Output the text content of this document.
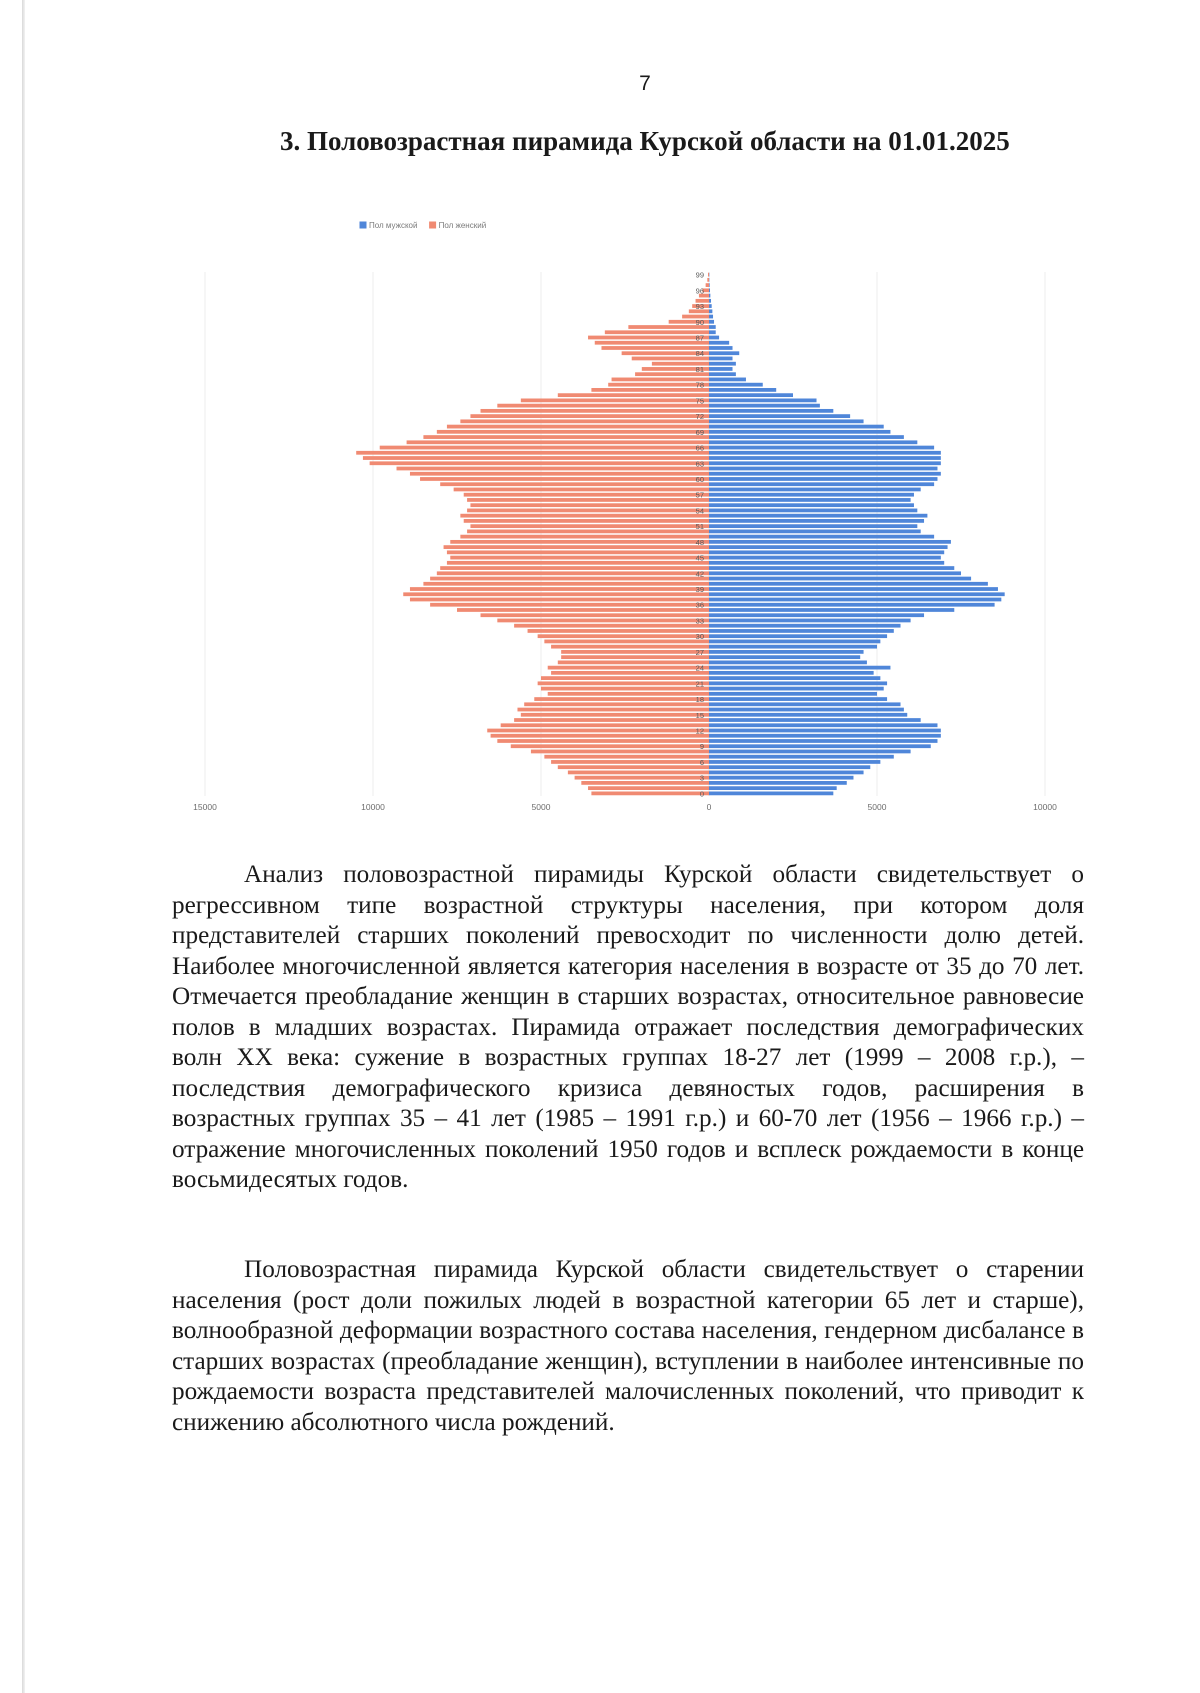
7
3. Половозрастная пирамида Курской области на 01.01.2025
15000	10000	5000	0	5000	10000
0
3
6
9
12
15
18
21
24
27
30
33
36
39
42
45
48
51
54
57
60
63
66
69
72
75
78
81
84
87
90
93
96
99
Пол мужской	Пол женский

Анализ половозрастной пирамиды Курской области свидетельствует о регрессивном типе возрастной структуры населения, при котором доля представителей старших поколений превосходит по численности долю детей. Наиболее многочисленной является категория населения в возрасте от 35 до 70 лет. Отмечается преобладание женщин в старших возрастах, относительное равновесие полов в младших возрастах. Пирамида отражает последствия демографических волн XX века: сужение в возрастных группах 18-27 лет (1999 – 2008 г.р.), – последствия демографического кризиса девяностых годов, расширения в возрастных группах 35 – 41 лет (1985 – 1991 г.р.) и 60-70 лет (1956 – 1966 г.р.) – отражение многочисленных поколений 1950 годов и всплеск рождаемости в конце восьмидесятых годов.

Половозрастная пирамида Курской области свидетельствует о старении населения (рост доли пожилых людей в возрастной категории 65 лет и старше), волнообразной деформации возрастного состава населения, гендерном дисбалансе в старших возрастах (преобладание женщин), вступлении в наиболее интенсивные по рождаемости возраста представителей малочисленных поколений, что приводит к снижению абсолютного числа рождений.
